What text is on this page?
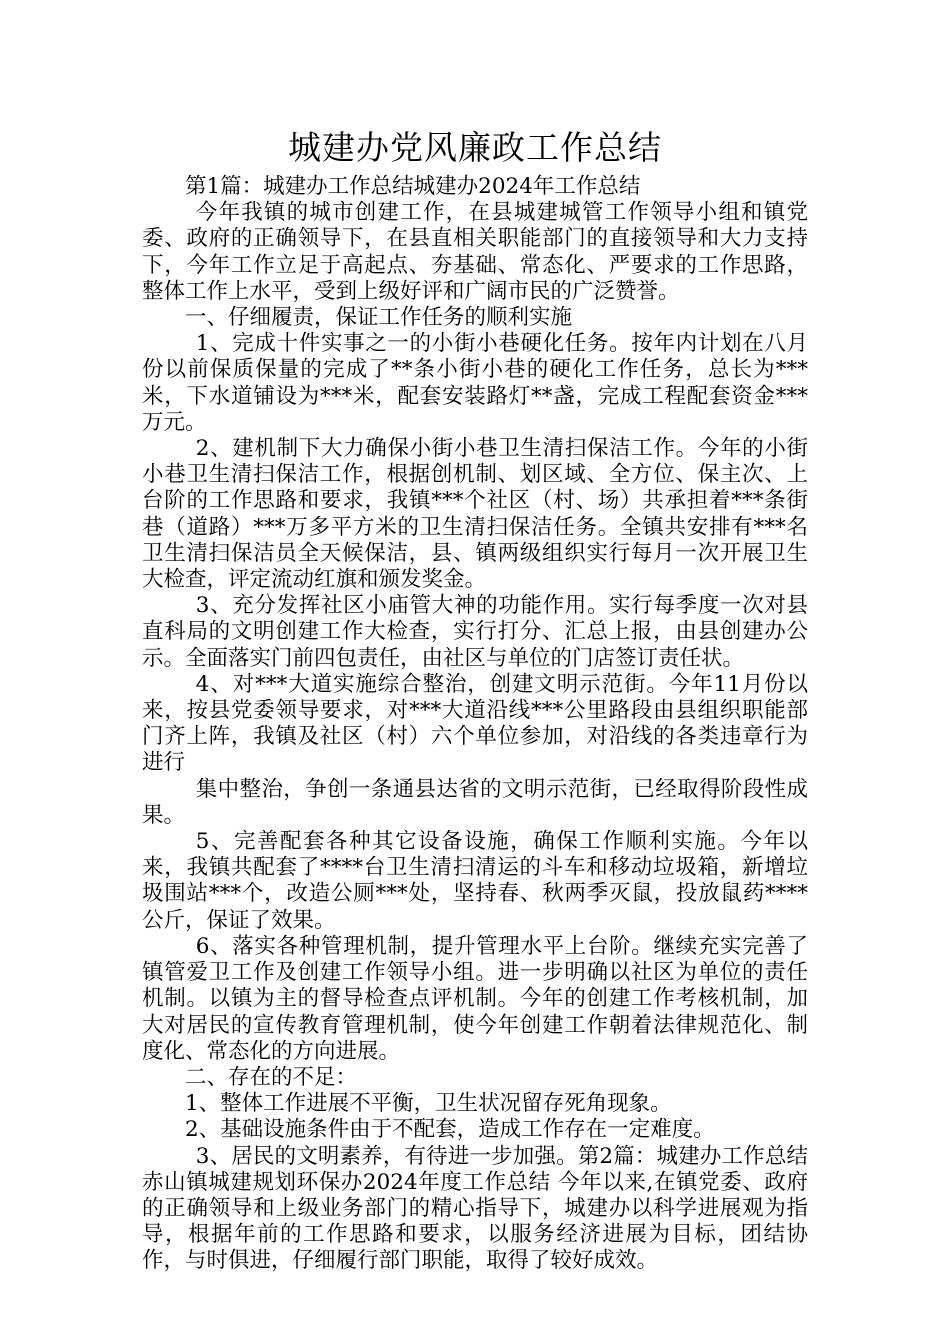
城建办党风廉政工作总结

第1篇：城建办工作总结城建办2024年工作总结

今年我镇的城市创建工作，在县城建城管工作领导小组和镇党委、政府的正确领导下，在县直相关职能部门的直接领导和大力支持下，今年工作立足于高起点、夯基础、常态化、严要求的工作思路，整体工作上水平，受到上级好评和广阔市民的广泛赞誉。

一、仔细履责，保证工作任务的顺利实施

1、完成十件实事之一的小街小巷硬化任务。按年内计划在八月份以前保质保量的完成了**条小街小巷的硬化工作任务，总长为***米，下水道铺设为***米，配套安装路灯**盏，完成工程配套资金***万元。

2、建机制下大力确保小街小巷卫生清扫保洁工作。今年的小街小巷卫生清扫保洁工作，根据创机制、划区域、全方位、保主次、上台阶的工作思路和要求，我镇***个社区（村、场）共承担着***条街巷（道路）***万多平方米的卫生清扫保洁任务。全镇共安排有***名卫生清扫保洁员全天候保洁，县、镇两级组织实行每月一次开展卫生大检查，评定流动红旗和颁发奖金。

3、充分发挥社区小庙管大神的功能作用。实行每季度一次对县直科局的文明创建工作大检查，实行打分、汇总上报，由县创建办公示。全面落实门前四包责任，由社区与单位的门店签订责任状。

4、对***大道实施综合整治，创建文明示范街。今年11月份以来，按县党委领导要求，对***大道沿线***公里路段由县组织职能部门齐上阵，我镇及社区（村）六个单位参加，对沿线的各类违章行为进行

集中整治，争创一条通县达省的文明示范街，已经取得阶段性成果。

5、完善配套各种其它设备设施，确保工作顺利实施。今年以来，我镇共配套了****台卫生清扫清运的斗车和移动垃圾箱，新增垃圾围站***个，改造公厕***处，坚持春、秋两季灭鼠，投放鼠药****公斤，保证了效果。

6、落实各种管理机制，提升管理水平上台阶。继续充实完善了镇管爱卫工作及创建工作领导小组。进一步明确以社区为单位的责任机制。以镇为主的督导检查点评机制。今年的创建工作考核机制，加大对居民的宣传教育管理机制，使今年创建工作朝着法律规范化、制度化、常态化的方向进展。

二、存在的不足：

1、整体工作进展不平衡，卫生状况留存死角现象。

2、基础设施条件由于不配套，造成工作存在一定难度。

3、居民的文明素养，有待进一步加强。第2篇：城建办工作总结赤山镇城建规划环保办2024年度工作总结 今年以来,在镇党委、政府的正确领导和上级业务部门的精心指导下，城建办以科学进展观为指导，根据年前的工作思路和要求，以服务经济进展为目标，团结协作，与时俱进，仔细履行部门职能，取得了较好成效。
